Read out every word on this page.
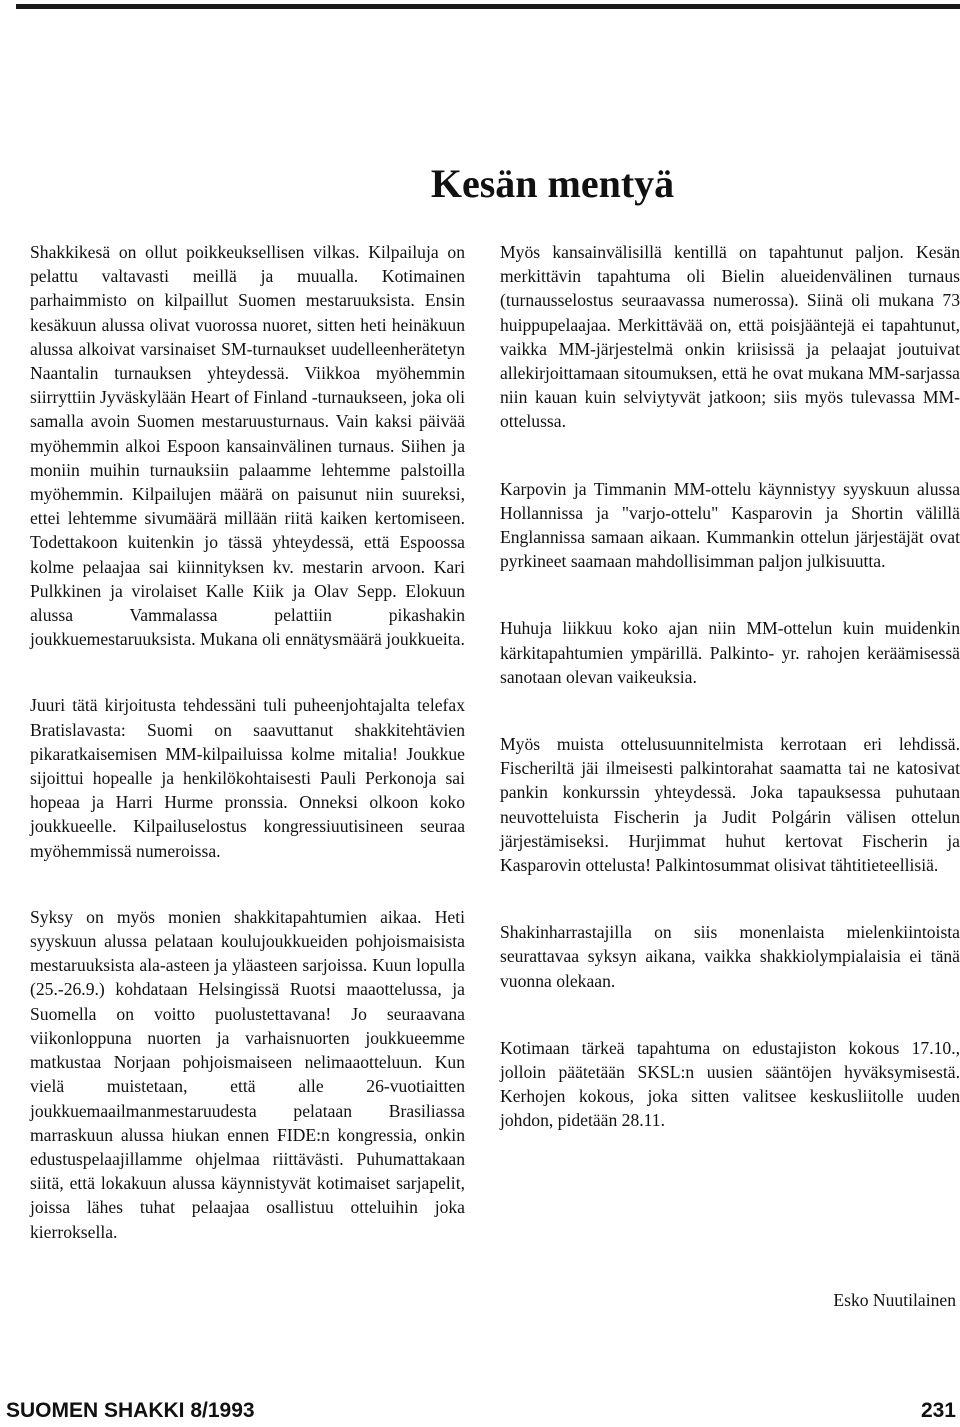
Kesän mentyä

Shakkikesä on ollut poikkeuksellisen vilkas. Kilpailuja on pelattu valtavasti meillä ja muualla. Kotimainen parhaimmisto on kilpaillut Suomen mestaruuksista. Ensin kesäkuun alussa olivat vuorossa nuoret, sitten heti heinäkuun alussa alkoivat varsinaiset SM-turnaukset uudelleenherätetyn Naantalin turnauksen yhteydessä. Viikkoa myöhemmin siirryttiin Jyväskylään Heart of Finland -turnaukseen, joka oli samalla avoin Suomen mestaruusturnaus. Vain kaksi päivää myöhemmin alkoi Espoon kansainvälinen turnaus. Siihen ja moniin muihin turnauksiin palaamme lehtemme palstoilla myöhemmin. Kilpailujen määrä on paisunut niin suureksi, ettei lehtemme sivumäärä millään riitä kaiken kertomiseen. Todettakoon kuitenkin jo tässä yhteydessä, että Espoossa kolme pelaajaa sai kiinnityksen kv. mestarin arvoon. Kari Pulkkinen ja virolaiset Kalle Kiik ja Olav Sepp. Elokuun alussa Vammalassa pelattiin pikashakin joukkuemestaruuksista. Mukana oli ennätysmäärä joukkueita.

Juuri tätä kirjoitusta tehdessäni tuli puheenjohtajalta telefax Bratislavasta: Suomi on saavuttanut shakkitehtävien pikaratkaisemisen MM-kilpailuissa kolme mitalia! Joukkue sijoittui hopealle ja henkilökohtaisesti Pauli Perkonoja sai hopeaa ja Harri Hurme pronssia. Onneksi olkoon koko joukkueelle. Kilpailuselostus kongressiuutisineen seuraa myöhemmissä numeroissa.

Syksy on myös monien shakkitapahtumien aikaa. Heti syyskuun alussa pelataan koulujoukkueiden pohjoismaisista mestaruuksista ala-asteen ja yläasteen sarjoissa. Kuun lopulla (25.-26.9.) kohdataan Helsingissä Ruotsi maaottelussa, ja Suomella on voitto puolustettavana! Jo seuraavana viikonloppuna nuorten ja varhaisnuorten joukkueemme matkustaa Norjaan pohjoismaiseen nelimaaotteluun. Kun vielä muistetaan, että alle 26-vuotiaitten joukkuemaailmanmestaruudesta pelataan Brasiliassa marraskuun alussa hiukan ennen FIDE:n kongressia, onkin edustuspelaajillamme ohjelmaa riittävästi. Puhumattakaan siitä, että lokakuun alussa käynnistyvät kotimaiset sarjapelit, joissa lähes tuhat pelaajaa osallistuu otteluihin joka kierroksella.

Myös kansainvälisillä kentillä on tapahtunut paljon. Kesän merkittävin tapahtuma oli Bielin alueidenvälinen turnaus (turnausselostus seuraavassa numerossa). Siinä oli mukana 73 huippupelaajaa. Merkittävää on, että poisjääntejä ei tapahtunut, vaikka MM-järjestelmä onkin kriisissä ja pelaajat joutuivat allekirjoittamaan sitoumuksen, että he ovat mukana MM-sarjassa niin kauan kuin selviytyvät jatkoon; siis myös tulevassa MM-ottelussa.

Karpovin ja Timmanin MM-ottelu käynnistyy syyskuun alussa Hollannissa ja "varjo-ottelu" Kasparovin ja Shortin välillä Englannissa samaan aikaan. Kummankin ottelun järjestäjät ovat pyrkineet saamaan mahdollisimman paljon julkisuutta.

Huhuja liikkuu koko ajan niin MM-ottelun kuin muidenkin kärkitapahtumien ympärillä. Palkinto- yr. rahojen keräämisessä sanotaan olevan vaikeuksia.

Myös muista ottelusuunnitelmista kerrotaan eri lehdissä. Fischeriltä jäi ilmeisesti palkintorahat saamatta tai ne katosivat pankin konkurssin yhteydessä. Joka tapauksessa puhutaan neuvotteluista Fischerin ja Judit Polgárin välisen ottelun järjestämiseksi. Hurjimmat huhut kertovat Fischerin ja Kasparovin ottelusta! Palkintosummat olisivat tähtitieteellisiä.

Shakinharrastajilla on siis monenlaista mielenkiintoista seurattavaa syksyn aikana, vaikka shakkiolympialaisia ei tänä vuonna olekaan.

Kotimaan tärkeä tapahtuma on edustajiston kokous 17.10., jolloin päätetään SKSL:n uusien sääntöjen hyväksymisestä. Kerhojen kokous, joka sitten valitsee keskusliitolle uuden johdon, pidetään 28.11.

Esko Nuutilainen
SUOMEN SHAKKI 8/1993	231
